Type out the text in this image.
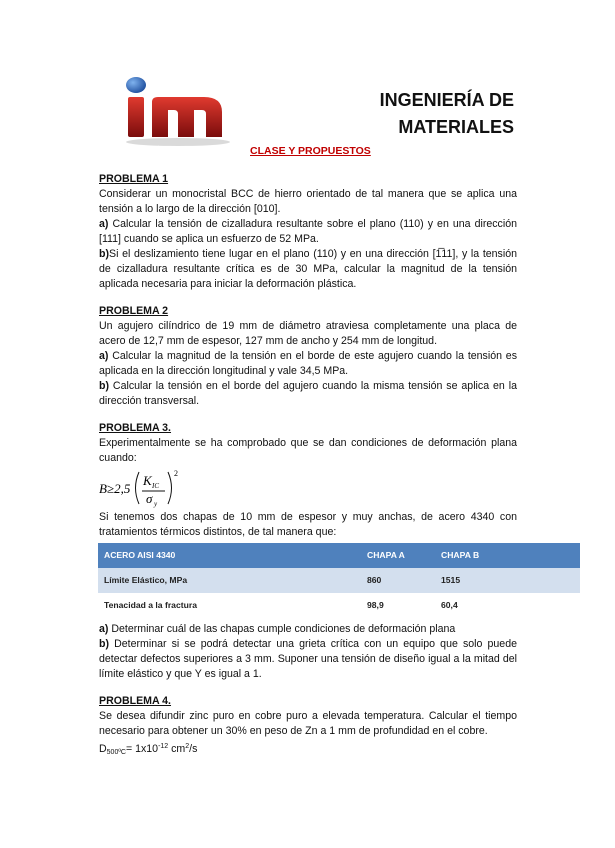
im
INGENIERÍA DE
MATERIALES
CLASE Y PROPUESTOS
PROBLEMA 1

Considerar un monocristal BCC de hierro orientado de tal manera que se aplica una tensión a lo largo de la dirección [010].

a) Calcular la tensión de cizalladura resultante sobre el plano (110) y en una dirección [111] cuando se aplica un esfuerzo de 52 MPa.

b)Si el deslizamiento tiene lugar en el plano (110) y en una dirección [1̅11], y la tensión de cizalladura resultante crítica es de 30 MPa, calcular la magnitud de la tensión aplicada necesaria para iniciar la deformación plástica.

PROBLEMA 2

Un agujero cilíndrico de 19 mm de diámetro atraviesa completamente una placa de acero de 12,7 mm de espesor, 127 mm de ancho y 254 mm de longitud.

a) Calcular la magnitud de la tensión en el borde de este agujero cuando la tensión es aplicada en la dirección longitudinal y vale 34,5 MPa.

b) Calcular la tensión en el borde del agujero cuando la misma tensión se aplica en la dirección transversal.

PROBLEMA 3.

Experimentalmente se ha comprobado que se dan condiciones de deformación plana cuando:

B≥2,5
K IC
σ y
2

Si tenemos dos chapas de 10 mm de espesor y muy anchas, de acero 4340 con tratamientos térmicos distintos, de tal manera que:

ACERO AISI 4340	CHAPA A	CHAPA B
Límite Elástico, MPa	860	1515
Tenacidad a la fractura	98,9	60,4

a) Determinar cuál de las chapas cumple condiciones de deformación plana

b) Determinar si se podrá detectar una grieta crítica con un equipo que solo puede detectar defectos superiores a 3 mm. Suponer una tensión de diseño igual a la mitad del límite elástico y que Y es igual a 1.

PROBLEMA 4.

Se desea difundir zinc puro en cobre puro a elevada temperatura. Calcular el tiempo necesario para obtener un 30% en peso de Zn a 1 mm de profundidad en el cobre.

$D_{500ºC}= 1x10^{-12}$ $cm^2/s$
